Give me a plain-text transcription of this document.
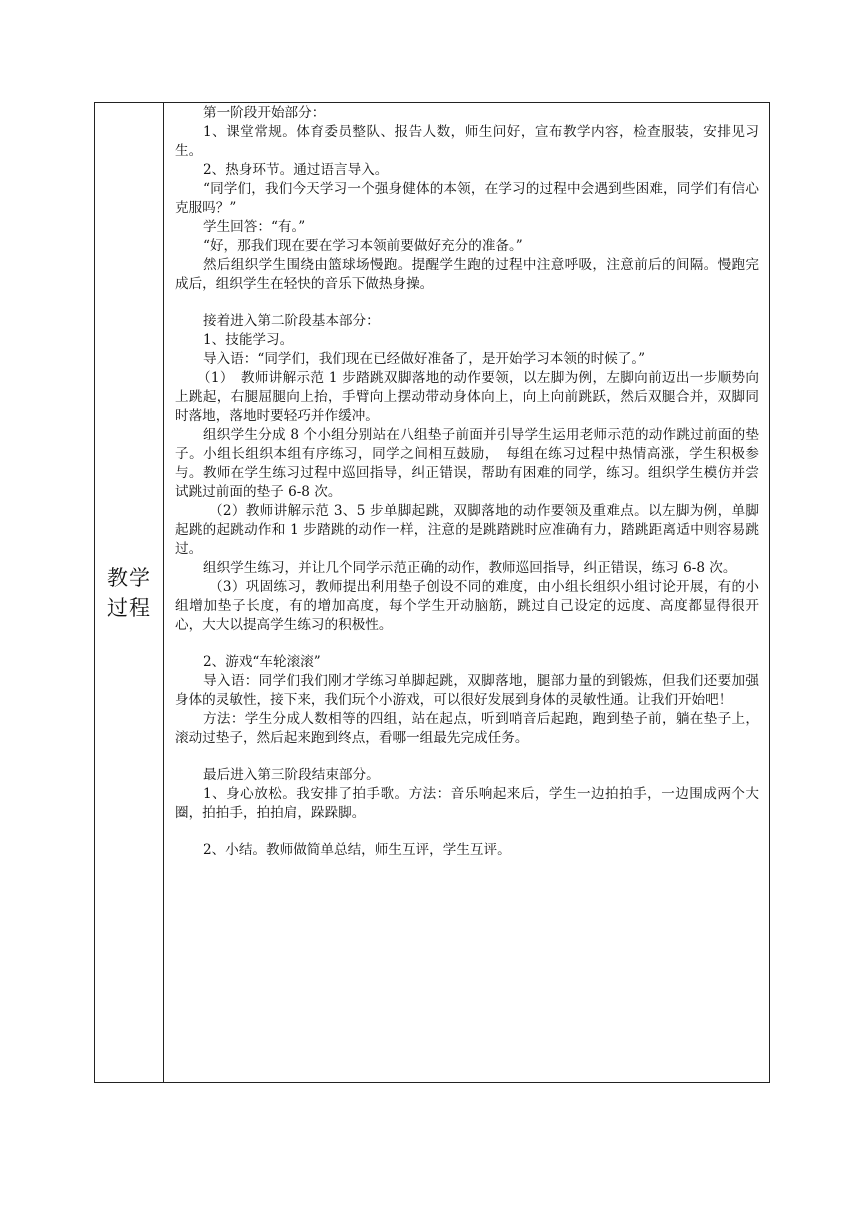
教学过程

第一阶段开始部分：

1、课堂常规。体育委员整队、报告人数，师生问好，宣布教学内容，检查服装，安排见习生。

2、热身环节。通过语言导入。

“同学们，我们今天学习一个强身健体的本领，在学习的过程中会遇到些困难，同学们有信心克服吗？”

学生回答：“有。”

“好，那我们现在要在学习本领前要做好充分的准备。”

然后组织学生围绕由篮球场慢跑。提醒学生跑的过程中注意呼吸，注意前后的间隔。慢跑完成后，组织学生在轻快的音乐下做热身操。

接着进入第二阶段基本部分：

1、技能学习。

导入语：“同学们，我们现在已经做好准备了，是开始学习本领的时候了。”

（1）　教师讲解示范 1 步踏跳双脚落地的动作要领，以左脚为例，左脚向前迈出一步顺势向上跳起，右腿屈腿向上抬，手臂向上摆动带动身体向上，向上向前跳跃，然后双腿合并，双脚同时落地，落地时要轻巧并作缓冲。

组织学生分成 8 个小组分别站在八组垫子前面并引导学生运用老师示范的动作跳过前面的垫子。小组长组织本组有序练习，同学之间相互鼓励，　每组在练习过程中热情高涨，学生积极参与。教师在学生练习过程中巡回指导，纠正错误，帮助有困难的同学，练习。组织学生模仿并尝试跳过前面的垫子 6-8 次。

（2）教师讲解示范 3、5 步单脚起跳，双脚落地的动作要领及重难点。以左脚为例，单脚起跳的起跳动作和 1 步踏跳的动作一样，注意的是跳踏跳时应准确有力，踏跳距离适中则容易跳过。

组织学生练习，并让几个同学示范正确的动作，教师巡回指导，纠正错误，练习 6-8 次。

（3）巩固练习，教师提出利用垫子创设不同的难度，由小组长组织小组讨论开展，有的小组增加垫子长度，有的增加高度，每个学生开动脑筋，跳过自己设定的远度、高度都显得很开心，大大以提高学生练习的积极性。

2、游戏“车轮滚滚”

导入语：同学们我们刚才学练习单脚起跳，双脚落地，腿部力量的到锻炼，但我们还要加强身体的灵敏性，接下来，我们玩个小游戏，可以很好发展到身体的灵敏性通。让我们开始吧！

方法：学生分成人数相等的四组，站在起点，听到哨音后起跑，跑到垫子前，躺在垫子上，滚动过垫子，然后起来跑到终点，看哪一组最先完成任务。

最后进入第三阶段结束部分。

1、身心放松。我安排了拍手歌。方法：音乐响起来后，学生一边拍拍手，一边围成两个大圈，拍拍手，拍拍肩，跺跺脚。

2、小结。教师做简单总结，师生互评，学生互评。
